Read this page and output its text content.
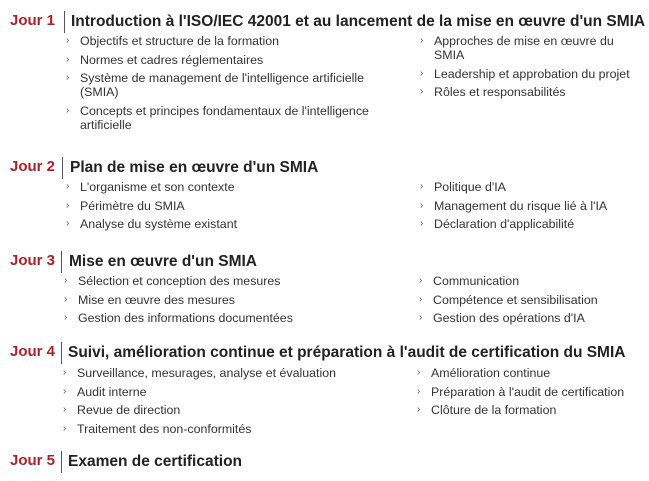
Jour 1 Introduction à l'ISO/IEC 42001 et au lancement de la mise en œuvre d'un SMIA
› Objectifs et structure de la formation
› Normes et cadres réglementaires
› Système de management de l'intelligence artificielle (SMIA)
› Concepts et principes fondamentaux de l'intelligence artificielle
› Approches de mise en œuvre du SMIA
› Leadership et approbation du projet
› Rôles et responsabilités
Jour 2 Plan de mise en œuvre d'un SMIA
› L'organisme et son contexte
› Périmètre du SMIA
› Analyse du système existant
› Politique d'IA
› Management du risque lié à l'IA
› Déclaration d'applicabilité
Jour 3 Mise en œuvre d'un SMIA
› Sélection et conception des mesures
› Mise en œuvre des mesures
› Gestion des informations documentées
› Communication
› Compétence et sensibilisation
› Gestion des opérations d'IA
Jour 4 Suivi, amélioration continue et préparation à l'audit de certification du SMIA
› Surveillance, mesurages, analyse et évaluation
› Audit interne
› Revue de direction
› Traitement des non-conformités
› Amélioration continue
› Préparation à l'audit de certification
› Clôture de la formation
Jour 5 Examen de certification
